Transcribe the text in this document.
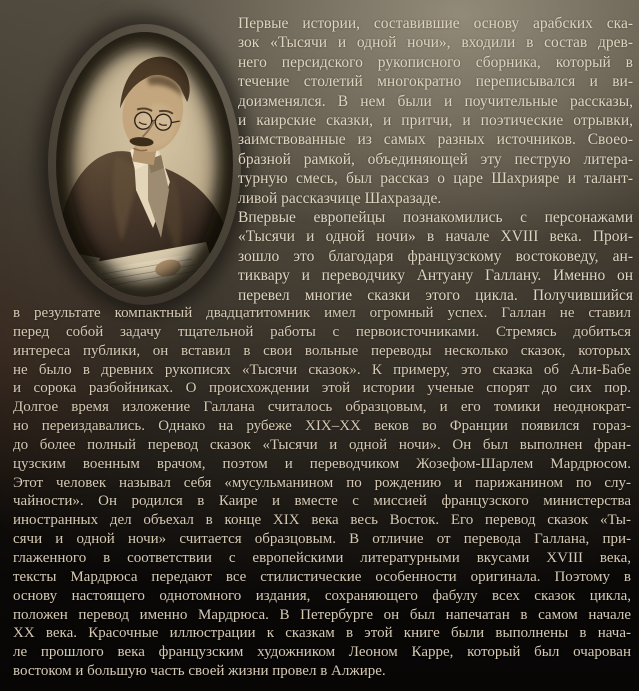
Первые истории, составившие основу арабских ска-
зок «Тысячи и одной ночи», входили в состав древ-
него персидского рукописного сборника, который в
течение столетий многократно переписывался и ви-
доизменялся. В нем были и поучительные рассказы,
и каирские сказки, и притчи, и поэтические отрывки,
заимствованные из самых разных источников. Своео-
бразной рамкой, объединяющей эту пеструю литера-
турную смесь, был рассказ о царе Шахрияре и талант-
ливой рассказчице Шахразаде.
Впервые европейцы познакомились с персонажами
«Тысячи и одной ночи» в начале XVIII века. Прои-
зошло это благодаря французскому востоковеду, ан-
тиквару и переводчику Антуану Галлану. Именно он
перевел многие сказки этого цикла. Получившийся
в результате компактный двадцатитомник имел огромный успех. Галлан не ставил
перед собой задачу тщательной работы с первоисточниками. Стремясь добиться
интереса публики, он вставил в свои вольные переводы несколько сказок, которых
не было в древних рукописях «Тысячи сказок». К примеру, это сказка об Али-Бабе
и сорока разбойниках. О происхождении этой истории ученые спорят до сих пор.
Долгое время изложение Галлана считалось образцовым, и его томики неоднократ-
но переиздавались. Однако на рубеже XIX–XX веков во Франции появился гораз-
до более полный перевод сказок «Тысячи и одной ночи». Он был выполнен фран-
цузским военным врачом, поэтом и переводчиком Жозефом-Шарлем Мардрюсом.
Этот человек называл себя «мусульманином по рождению и парижанином по слу-
чайности». Он родился в Каире и вместе с миссией французского министерства
иностранных дел объехал в конце XIX века весь Восток. Его перевод сказок «Ты-
сячи и одной ночи» считается образцовым. В отличие от перевода Галлана, при-
глаженного в соответствии с европейскими литературными вкусами XVIII века,
тексты Мардрюса передают все стилистические особенности оригинала. Поэтому в
основу настоящего однотомного издания, сохраняющего фабулу всех сказок цикла,
положен перевод именно Мардрюса. В Петербурге он был напечатан в самом начале
XX века. Красочные иллюстрации к сказкам в этой книге были выполнены в нача-
ле прошлого века французским художником Леоном Карре, который был очарован
востоком и большую часть своей жизни провел в Алжире.
